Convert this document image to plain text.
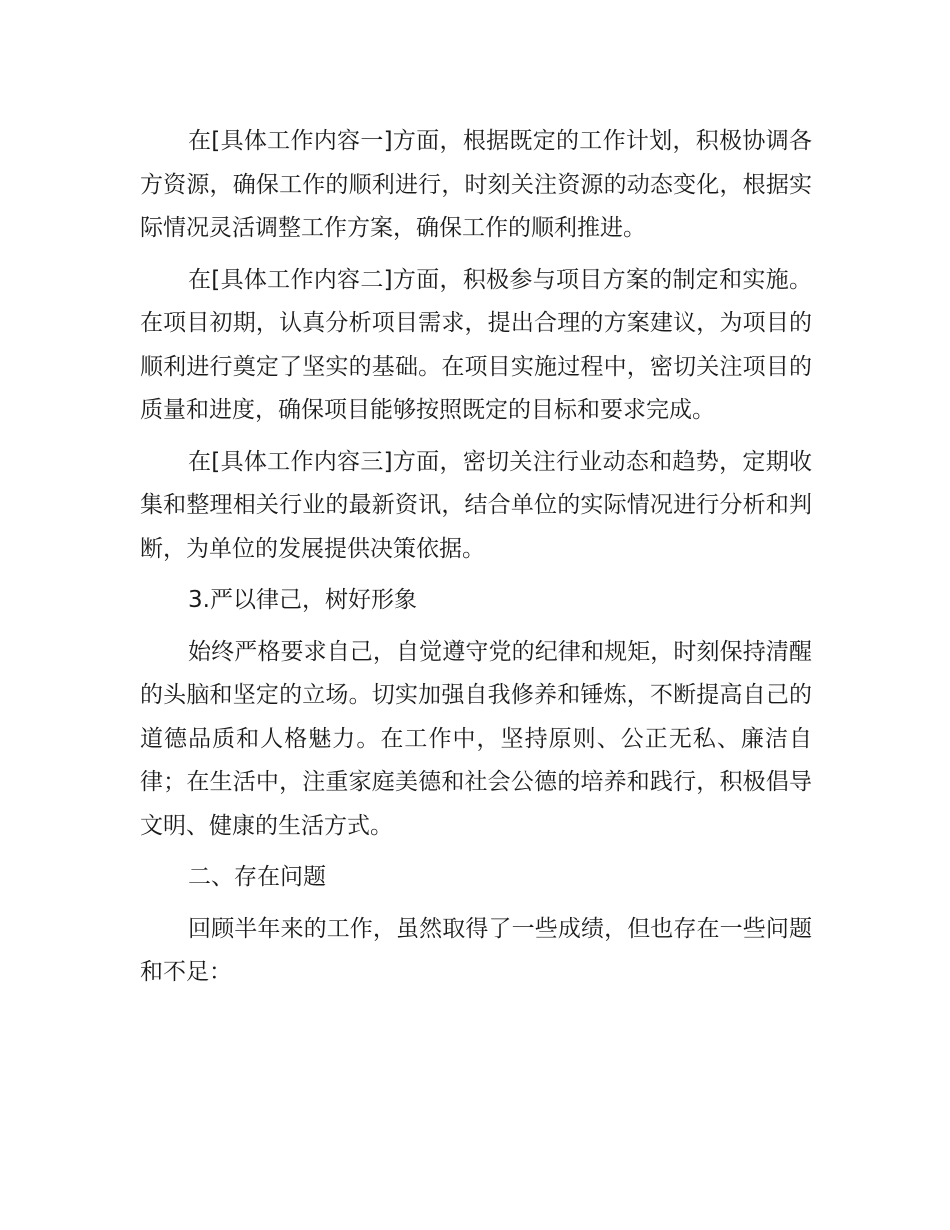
在[具体工作内容一]方面，根据既定的工作计划，积极协调各方资源，确保工作的顺利进行，时刻关注资源的动态变化，根据实际情况灵活调整工作方案，确保工作的顺利推进。

在[具体工作内容二]方面，积极参与项目方案的制定和实施。在项目初期，认真分析项目需求，提出合理的方案建议，为项目的顺利进行奠定了坚实的基础。在项目实施过程中，密切关注项目的质量和进度，确保项目能够按照既定的目标和要求完成。

在[具体工作内容三]方面，密切关注行业动态和趋势，定期收集和整理相关行业的最新资讯，结合单位的实际情况进行分析和判断，为单位的发展提供决策依据。

3.严以律己，树好形象

始终严格要求自己，自觉遵守党的纪律和规矩，时刻保持清醒的头脑和坚定的立场。切实加强自我修养和锤炼，不断提高自己的道德品质和人格魅力。在工作中，坚持原则、公正无私、廉洁自律；在生活中，注重家庭美德和社会公德的培养和践行，积极倡导文明、健康的生活方式。

二、存在问题

回顾半年来的工作，虽然取得了一些成绩，但也存在一些问题和不足：
